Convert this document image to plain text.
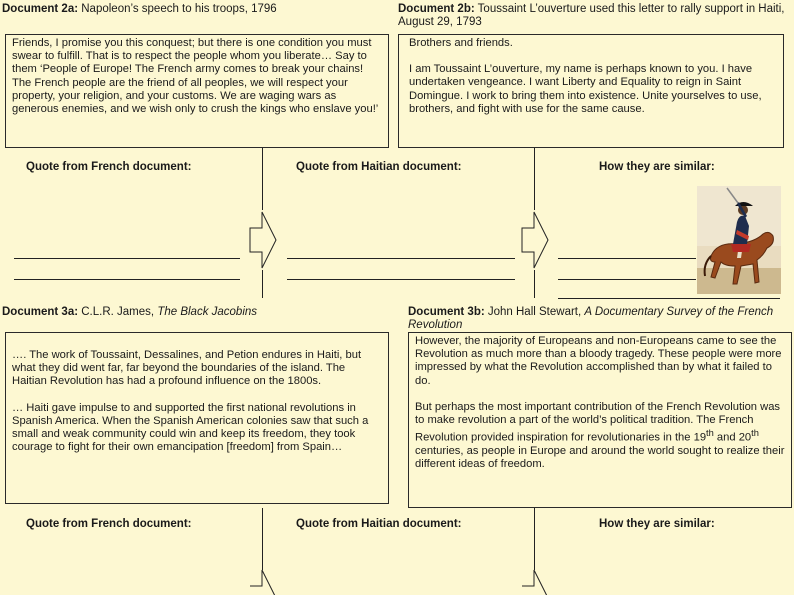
Document 2a: Napoleon’s speech to his troops, 1796	Document 2b: Toussaint L’ouverture used this letter to rally support in Haiti, August 29, 1793

Friends, I promise you this conquest; but there is one condition you must swear to fulfill. That is to respect the people whom you liberate… Say to them ‘People of Europe! The French army comes to break your chains! The French people are the friend of all peoples, we will respect your property, your religion, and your customs. We are waging wars as generous enemies, and we wish only to crush the kings who enslave you!’

Brothers and friends.

I am Toussaint L’ouverture, my name is perhaps known to you. I have undertaken vengeance. I want Liberty and Equality to reign in Saint Domingue. I work to bring them into existence. Unite yourselves to use, brothers, and fight with use for the same cause.

Quote from French document:	Quote from Haitian document:	How they are similar:
Document 3a: C.L.R. James, The Black Jacobins	Document 3b: John Hall Stewart, A Documentary Survey of the French Revolution

…. The work of Toussaint, Dessalines, and Petion endures in Haiti, but what they did went far, far beyond the boundaries of the island. The Haitian Revolution has had a profound influence on the 1800s.

… Haiti gave impulse to and supported the first national revolutions in Spanish America. When the Spanish American colonies saw that such a small and weak community could win and keep its freedom, they took courage to fight for their own emancipation [freedom] from Spain…

However, the majority of Europeans and non-Europeans came to see the Revolution as much more than a bloody tragedy. These people were more impressed by what the Revolution accomplished than by what it failed to do.

But perhaps the most important contribution of the French Revolution was to make revolution a part of the world’s political tradition. The French Revolution provided inspiration for revolutionaries in the 19th and 20th centuries, as people in Europe and around the world sought to realize their different ideas of freedom.

Quote from French document:	Quote from Haitian document:	How they are similar:
